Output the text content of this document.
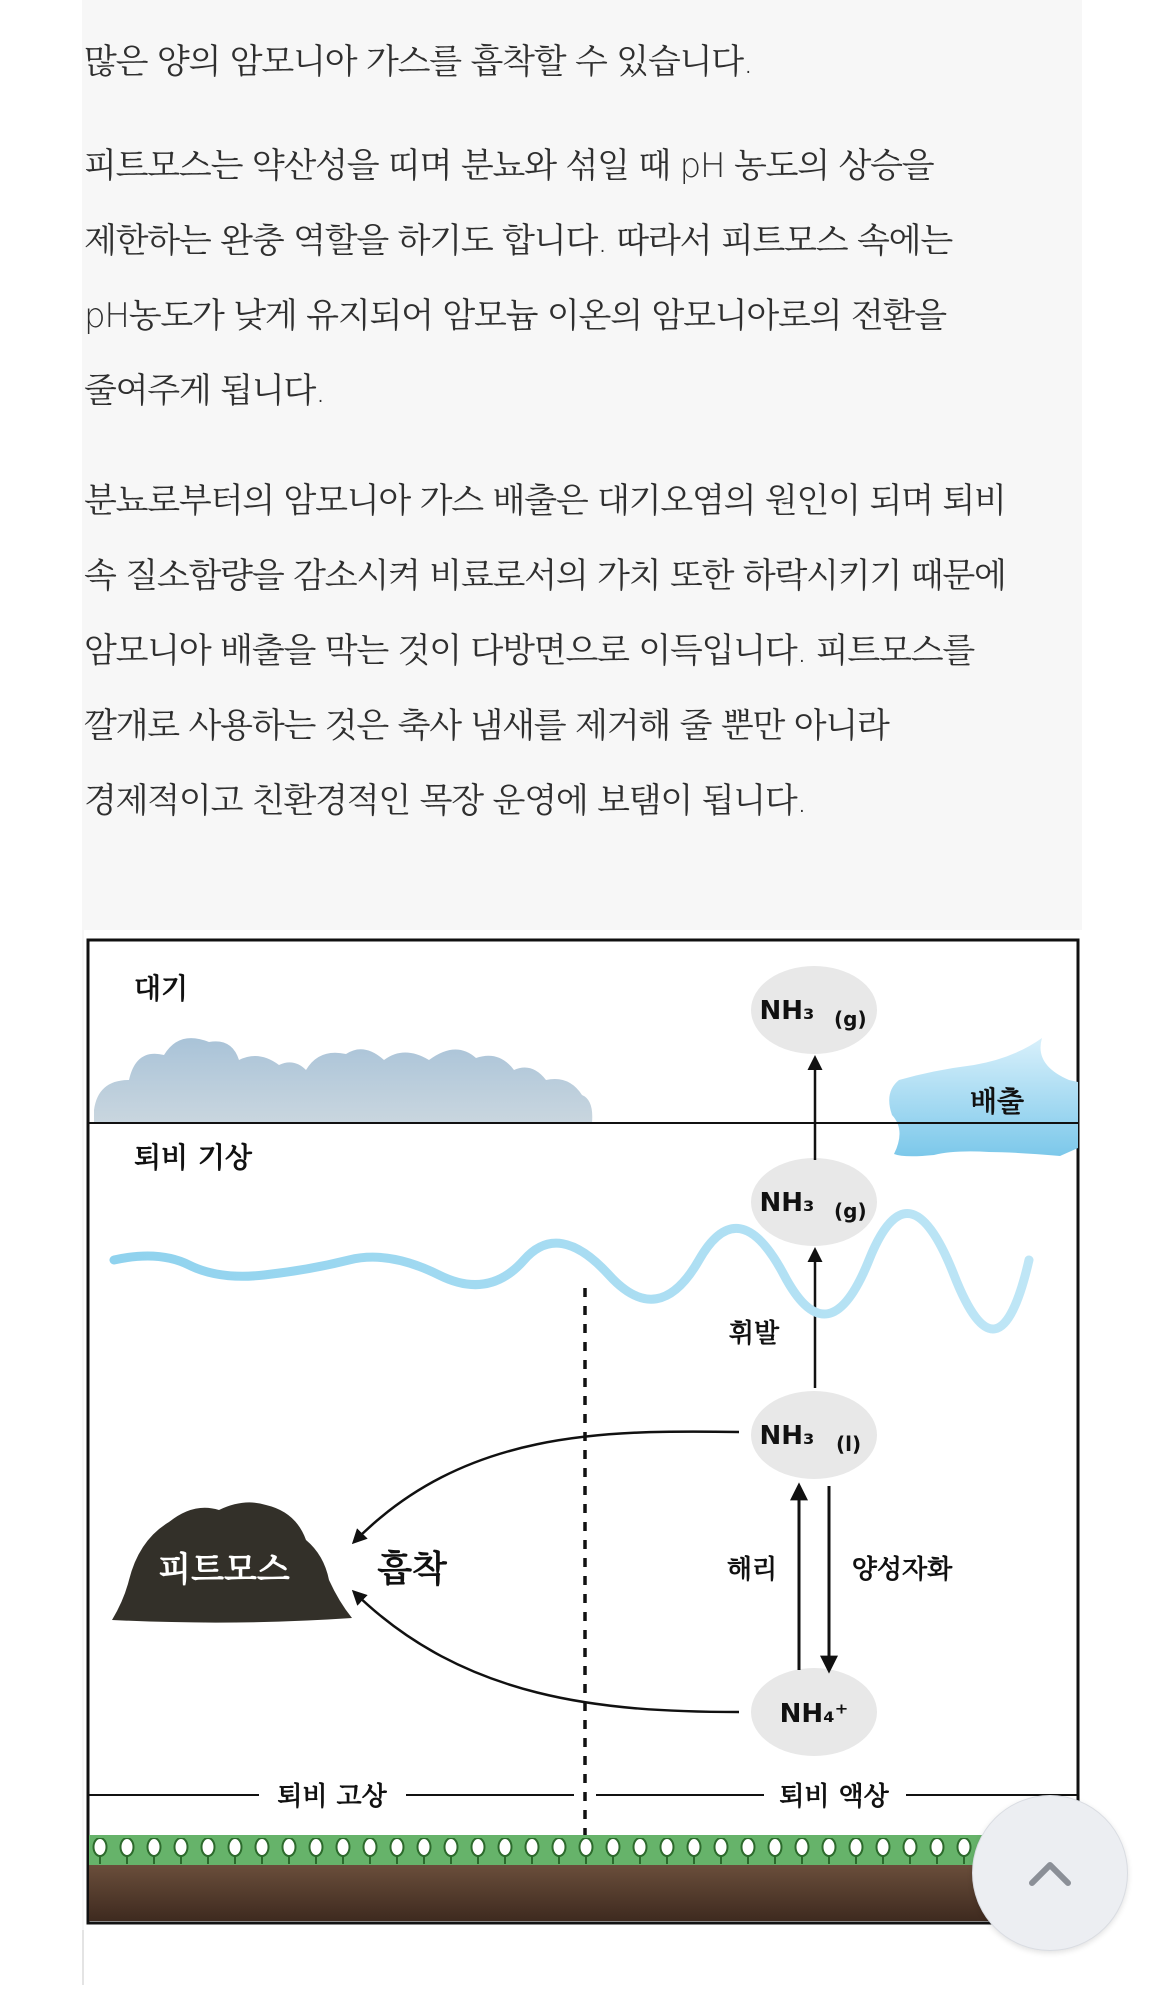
많은 양의 암모니아 가스를 흡착할 수 있습니다.
피트모스는 약산성을 띠며 분뇨와 섞일 때 pH 농도의 상승을
제한하는 완충 역할을 하기도 합니다. 따라서 피트모스 속에는
pH농도가 낮게 유지되어 암모늄 이온의 암모니아로의 전환을
줄여주게 됩니다.
분뇨로부터의 암모니아 가스 배출은 대기오염의 원인이 되며 퇴비
속 질소함량을 감소시켜 비료로서의 가치 또한 하락시키기 때문에
암모니아 배출을 막는 것이 다방면으로 이득입니다. 피트모스를
깔개로 사용하는 것은 축사 냄새를 제거해 줄 뿐만 아니라
경제적이고 친환경적인 목장 운영에 보탬이 됩니다.
대기
배출
퇴비 기상
NH₃ (g)
NH₃ (g)
휘발
NH₃ (l)
NH₄⁺
해리	양성자화
흡착
피트모스
퇴비 고상	퇴비 액상
